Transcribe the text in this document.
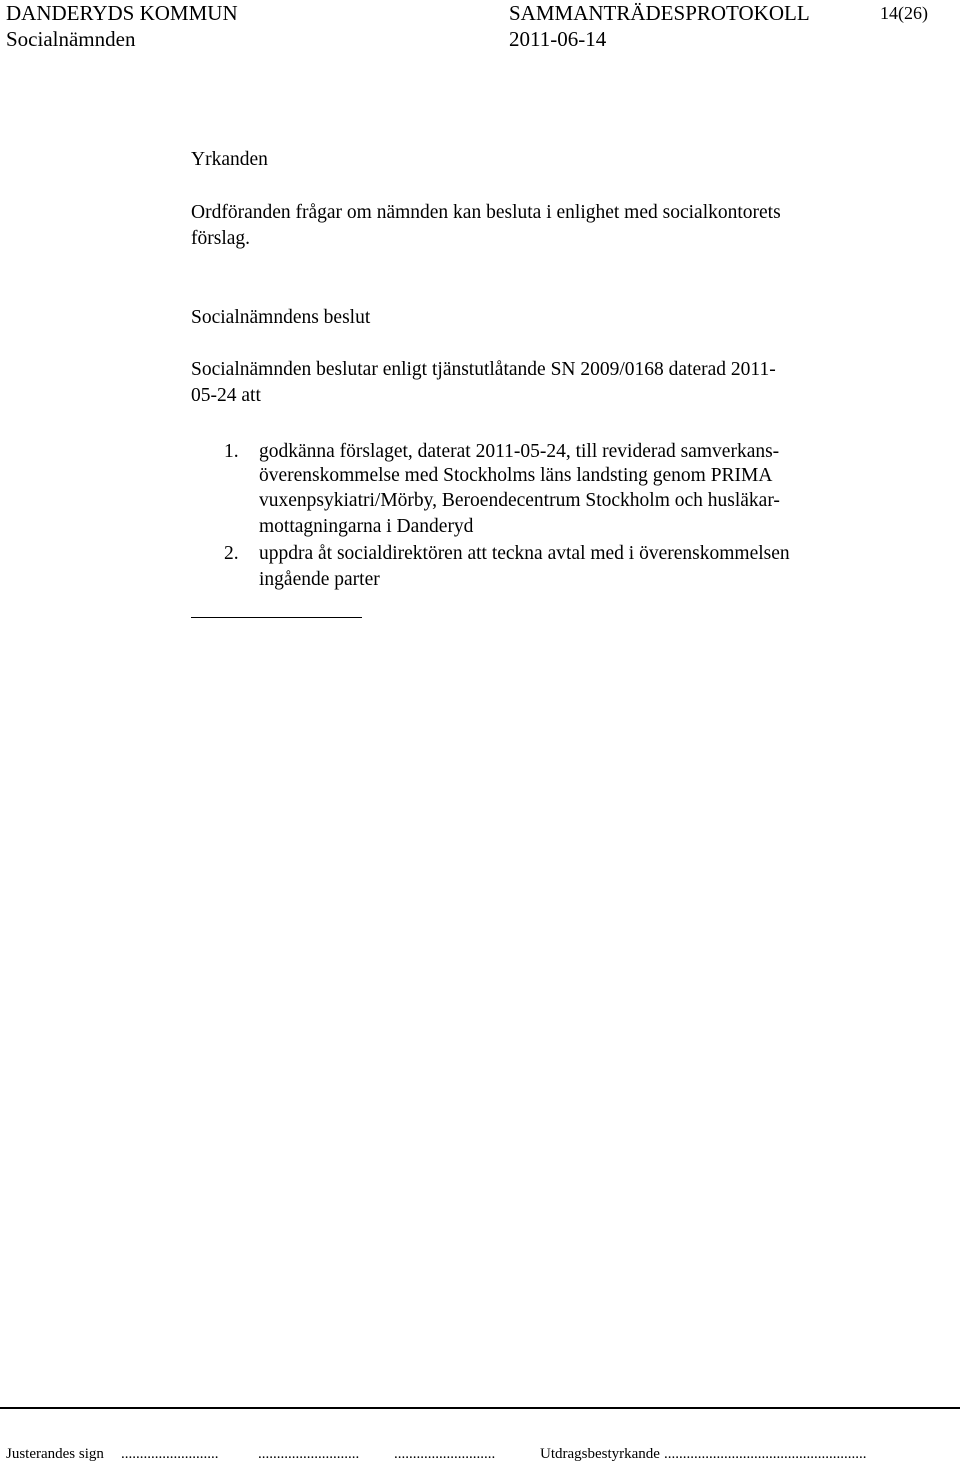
DANDERYDS KOMMUN
Socialnämnden
SAMMANTRÄDESPROTOKOLL
2011-06-14
14(26)
Yrkanden
Ordföranden frågar om nämnden kan besluta i enlighet med socialkontorets
förslag.
Socialnämndens beslut
Socialnämnden beslutar enligt tjänstutlåtande SN 2009/0168 daterad 2011-
05-24 att
1. godkänna förslaget, daterat 2011-05-24, till reviderad samverkans-
överenskommelse med Stockholms läns landsting genom PRIMA
vuxenpsykiatri/Mörby, Beroendecentrum Stockholm och husläkar-
mottagningarna i Danderyd
2. uppdra åt socialdirektören att teckna avtal med i överenskommelsen
ingående parter
Justerandes sign ..........................	........................... ...........................	Utdragsbestyrkande ......................................................
